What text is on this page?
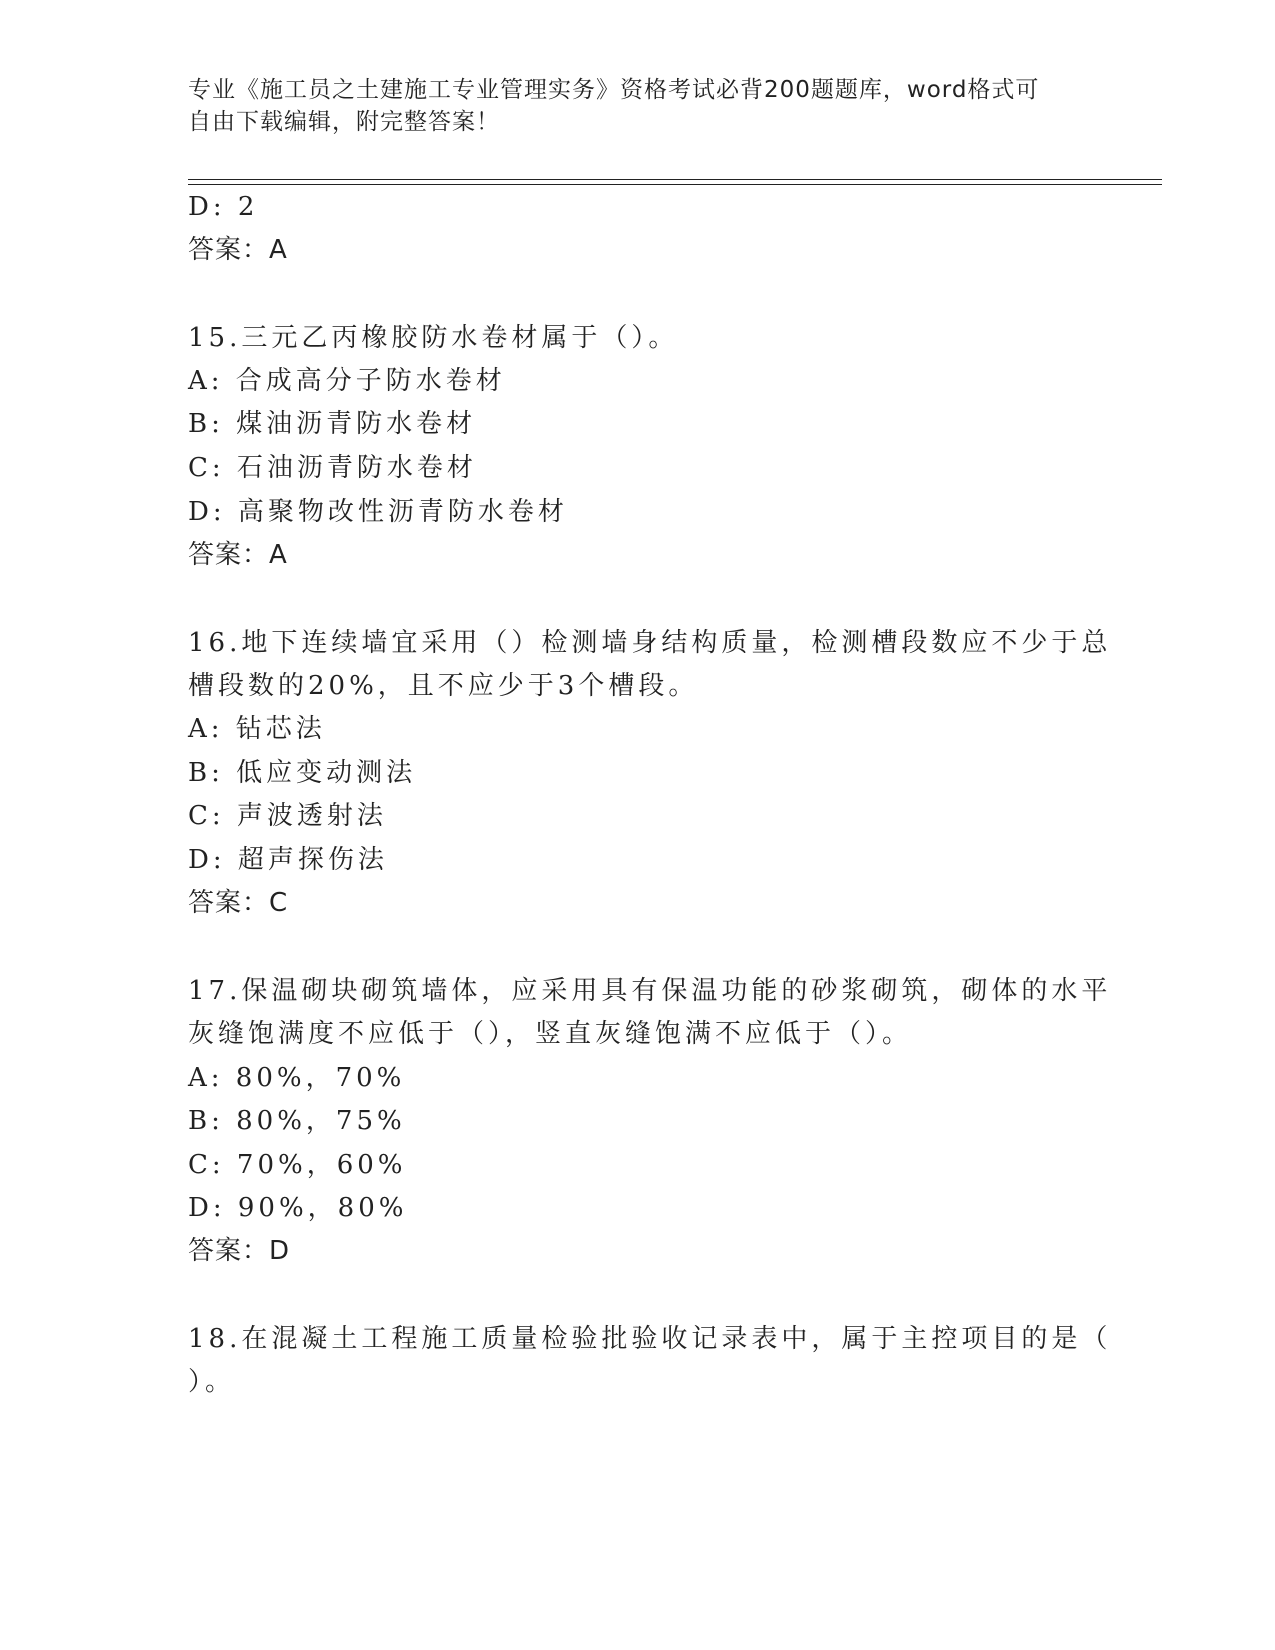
专业《施工员之土建施工专业管理实务》资格考试必背200题题库，word格式可
自由下载编辑，附完整答案！
D: 2
答案：A
15.三元乙丙橡胶防水卷材属于（）。
A: 合成高分子防水卷材
B: 煤油沥青防水卷材
C: 石油沥青防水卷材
D: 高聚物改性沥青防水卷材
答案：A
16.地下连续墙宜采用（）检测墙身结构质量，检测槽段数应不少于总
槽段数的20%，且不应少于3个槽段。
A: 钻芯法
B: 低应变动测法
C: 声波透射法
D: 超声探伤法
答案：C
17.保温砌块砌筑墙体，应采用具有保温功能的砂浆砌筑，砌体的水平
灰缝饱满度不应低于（），竖直灰缝饱满不应低于（）。
A: 80%，70%
B: 80%，75%
C: 70%，60%
D: 90%，80%
答案：D
18.在混凝土工程施工质量检验批验收记录表中，属于主控项目的是（
）。
